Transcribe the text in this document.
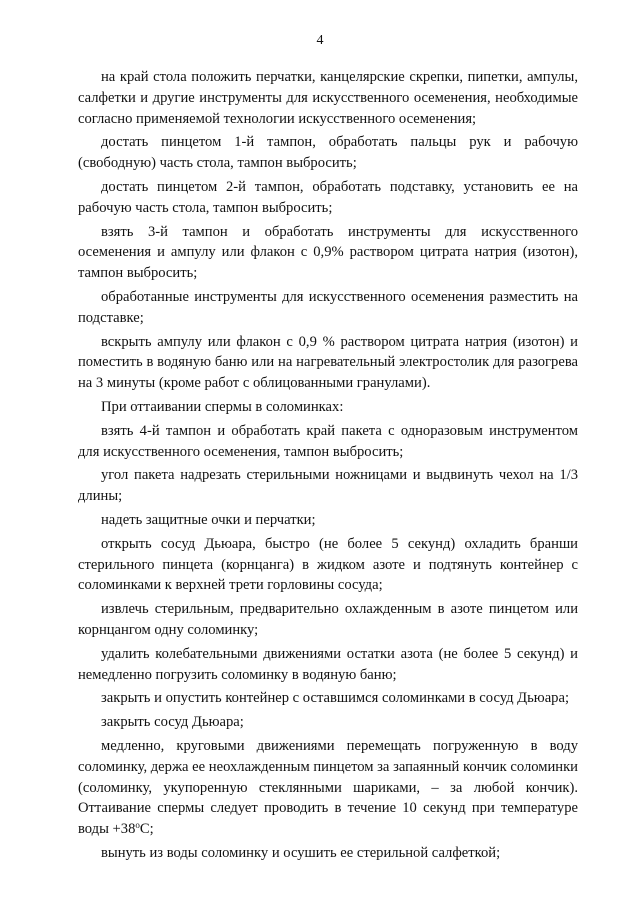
4

на край стола положить перчатки, канцелярские скрепки, пипетки, ампулы, салфетки и другие инструменты для искусственного осеменения, необходимые согласно применяемой технологии искусственного осеменения;

достать пинцетом 1-й тампон, обработать пальцы рук и рабочую (свободную) часть стола, тампон выбросить;

достать пинцетом 2-й тампон, обработать подставку, установить ее на рабочую часть стола, тампон выбросить;

взять 3-й тампон и обработать инструменты для искусственного осеменения и ампулу или флакон с 0,9% раствором цитрата натрия (изотон), тампон выбросить;

обработанные инструменты для искусственного осеменения разместить на подставке;

вскрыть ампулу или флакон с 0,9 % раствором цитрата натрия (изотон) и поместить в водяную баню или на нагревательный электростолик для разогрева на 3 минуты (кроме работ с облицованными гранулами).

При оттаивании спермы в соломинках:

взять 4-й тампон и обработать край пакета с одноразовым инструментом для искусственного осеменения, тампон выбросить;

угол пакета надрезать стерильными ножницами и выдвинуть чехол на 1/3 длины;

надеть защитные очки и перчатки;

открыть сосуд Дьюара, быстро (не более 5 секунд) охладить бранши стерильного пинцета (корнцанга) в жидком азоте и подтянуть контейнер с соломинками к верхней трети горловины сосуда;

извлечь стерильным, предварительно охлажденным в азоте пинцетом или корнцангом одну соломинку;

удалить колебательными движениями остатки азота (не более 5 секунд) и немедленно погрузить соломинку в водяную баню;

закрыть и опустить контейнер с оставшимся соломинками в сосуд Дьюара;

закрыть сосуд Дьюара;

медленно, круговыми движениями перемещать погруженную в воду соломинку, держа ее неохлажденным пинцетом за запаянный кончик соломинки (соломинку, укупоренную стеклянными шариками, – за любой кончик). Оттаивание спермы следует проводить в течение 10 секунд при температуре воды $+38^оС$;

вынуть из воды соломинку и осушить ее стерильной салфеткой;
